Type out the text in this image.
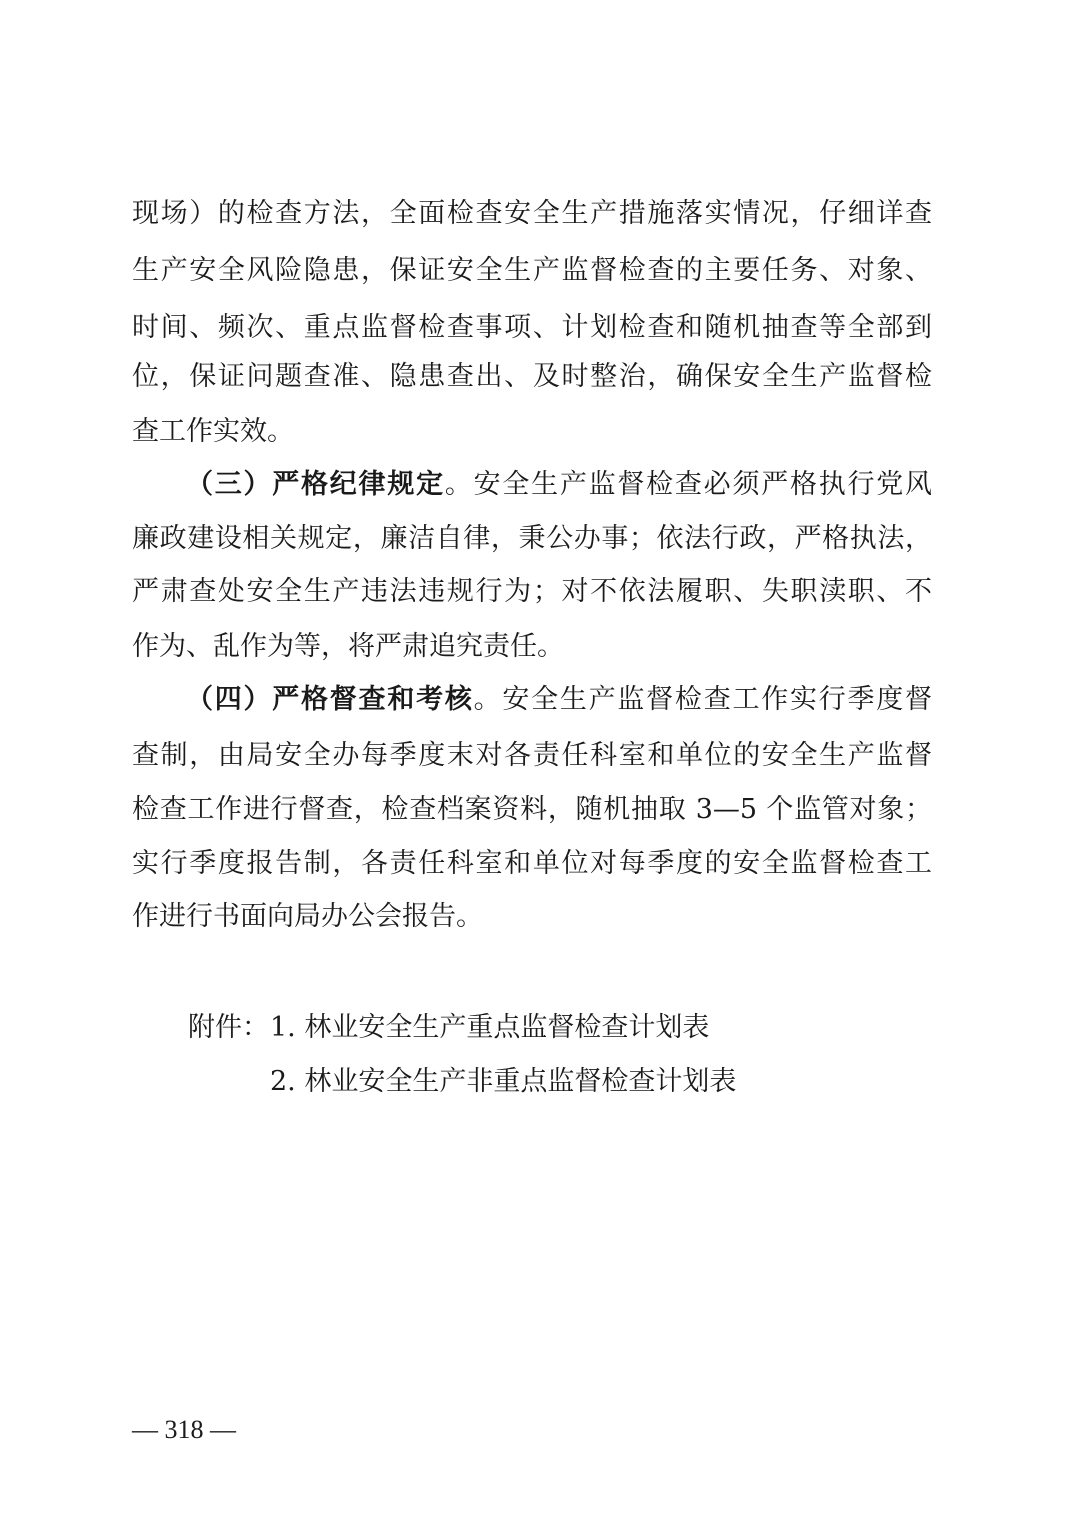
现场）的检查方法，全面检查安全生产措施落实情况，仔细详查
生产安全风险隐患，保证安全生产监督检查的主要任务、对象、
时间、频次、重点监督检查事项、计划检查和随机抽查等全部到
位，保证问题查准、隐患查出、及时整治，确保安全生产监督检
查工作实效。
（三）严格纪律规定。安全生产监督检查必须严格执行党风
廉政建设相关规定，廉洁自律，秉公办事；依法行政，严格执法，
严肃查处安全生产违法违规行为；对不依法履职、失职渎职、不
作为、乱作为等，将严肃追究责任。
（四）严格督查和考核。安全生产监督检查工作实行季度督
查制，由局安全办每季度末对各责任科室和单位的安全生产监督
检查工作进行督查，检查档案资料，随机抽取 3—5 个监管对象；
实行季度报告制，各责任科室和单位对每季度的安全监督检查工
作进行书面向局办公会报告。
附件： 1. 林业安全生产重点监督检查计划表
2. 林业安全生产非重点监督检查计划表
— 318 —
